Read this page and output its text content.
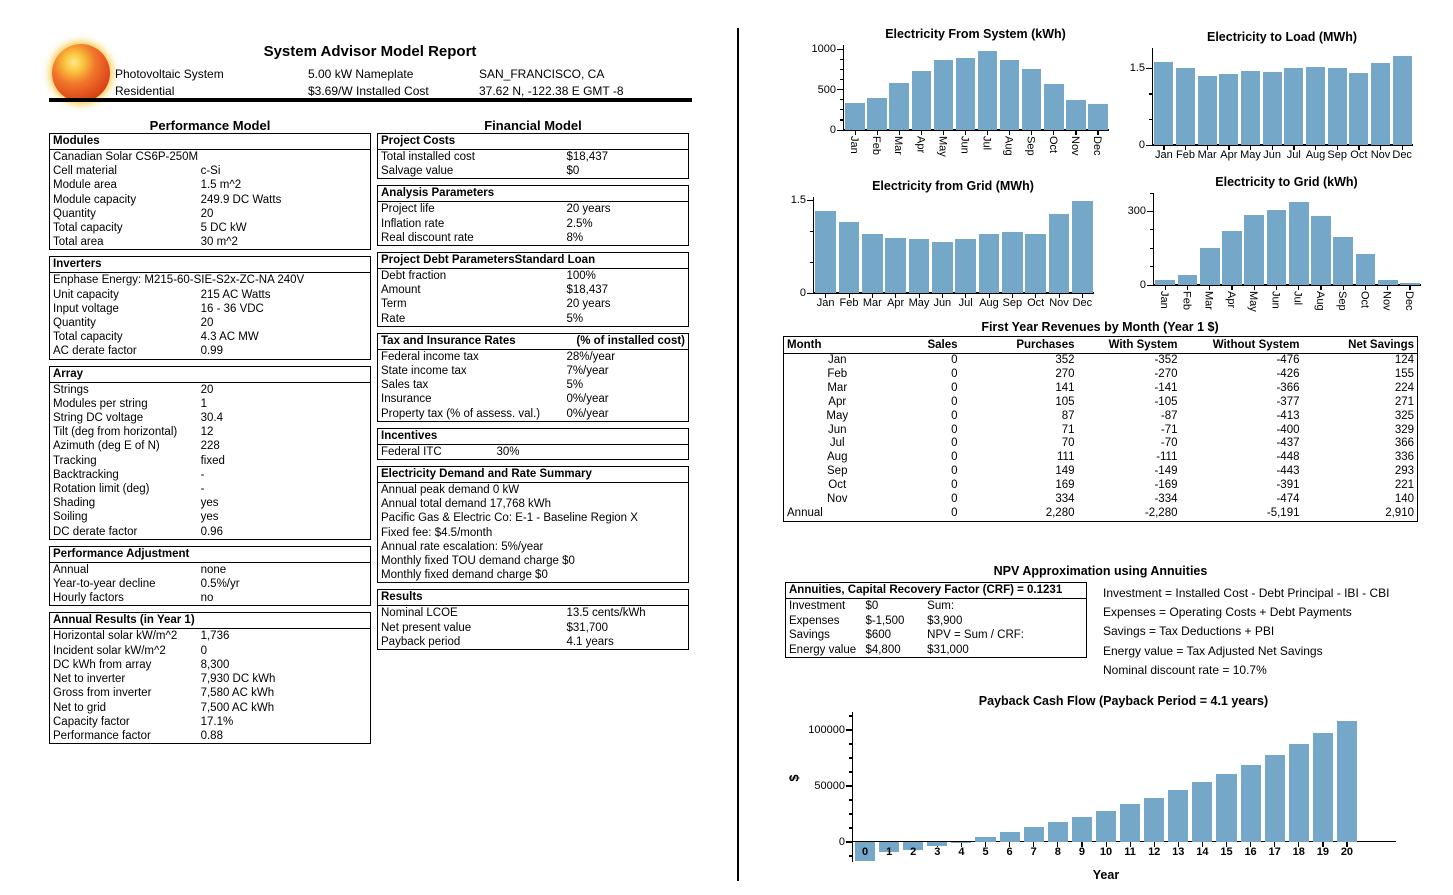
System Advisor Model Report
Photovoltaic System
Residential
5.00 kW Nameplate
$3.69/W Installed Cost
SAN_FRANCISCO, CA
37.62 N, -122.38 E GMT -8
Performance Model	Financial Model
Modules
Canadian Solar CS6P-250M
Cell material	c-Si
Module area	1.5 m^2
Module capacity	249.9 DC Watts
Quantity	20
Total capacity	5 DC kW
Total area	30 m^2
Inverters
Enphase Energy: M215-60-SIE-S2x-ZC-NA 240V
Unit capacity	215 AC Watts
Input voltage	16 - 36 VDC
Quantity	20
Total capacity	4.3 AC MW
AC derate factor	0.99
Array
Strings	20
Modules per string	1
String DC voltage	30.4
Tilt (deg from horizontal)	12
Azimuth (deg E of N)	228
Tracking	fixed
Backtracking	-
Rotation limit (deg)	-
Shading	yes
Soiling	yes
DC derate factor	0.96
Performance Adjustment
Annual	none
Year-to-year decline	0.5%/yr
Hourly factors	no
Annual Results (in Year 1)
Horizontal solar kW/m^2	1,736
Incident solar kW/m^2	0
DC kWh from array	8,300
Net to inverter	7,930 DC kWh
Gross from inverter	7,580 AC kWh
Net to grid	7,500 AC kWh
Capacity factor	17.1%
Performance factor	0.88
Project Costs
Total installed cost	$18,437
Salvage value	$0
Analysis Parameters
Project life	20 years
Inflation rate	2.5%
Real discount rate	8%
Project Debt ParametersStandard Loan
Debt fraction	100%
Amount	$18,437
Term	20 years
Rate	5%
Tax and Insurance Rates	(% of installed cost)
Federal income tax	28%/year
State income tax	7%/year
Sales tax	5%
Insurance	0%/year
Property tax (% of assess. val.)	0%/year
Incentives
Federal ITC	30%
Electricity Demand and Rate Summary
Annual peak demand 0 kW
Annual total demand 17,768 kWh
Pacific Gas & Electric Co: E-1 - Baseline Region X
Fixed fee: $4.5/month
Annual rate escalation: 5%/year
Monthly fixed TOU demand charge $0
Monthly fixed demand charge $0
Results
Nominal LCOE	13.5 cents/kWh
Net present value	$31,700
Payback period	4.1 years
Electricity From System (kWh)
0
500
1000
Jan Feb Mar Apr May Jun Jul Aug Sep Oct Nov Dec
Electricity to Load (MWh)
0
1.5
Jan Feb Mar Apr May Jun Jul Aug Sep Oct Nov Dec
Electricity from Grid (MWh)
0
1.5
Jan Feb Mar Apr May Jun Jul Aug Sep Oct Nov Dec
Electricity to Grid (kWh)
0
300
Jan Feb Mar Apr May Jun Jul Aug Sep Oct Nov Dec
Payback Cash Flow (Payback Period = 4.1 years)
0
50000
100000
0	1	2	3	4	5	6	7	8	9	10	11	12	13	14	15	16	17	18	19	20
Year
$
First Year Revenues by Month (Year 1 $)
Month	Sales	Purchases	With System	Without System	Net Savings
Jan	0	352	-352	-476	124
Feb	0	270	-270	-426	155
Mar	0	141	-141	-366	224
Apr	0	105	-105	-377	271
May	0	87	-87	-413	325
Jun	0	71	-71	-400	329
Jul	0	70	-70	-437	366
Aug	0	111	-111	-448	336
Sep	0	149	-149	-443	293
Oct	0	169	-169	-391	221
Nov	0	334	-334	-474	140
Annual	0	2,280	-2,280	-5,191	2,910
NPV Approximation using Annuities
Annuities, Capital Recovery Factor (CRF) = 0.1231
Investment	$0	Sum:
Expenses	$-1,500	$3,900
Savings	$600	NPV = Sum / CRF:
Energy value $4,800	$31,000
Investment = Installed Cost - Debt Principal - IBI - CBI
Expenses = Operating Costs + Debt Payments
Savings = Tax Deductions + PBI
Energy value = Tax Adjusted Net Savings
Nominal discount rate = 10.7%
